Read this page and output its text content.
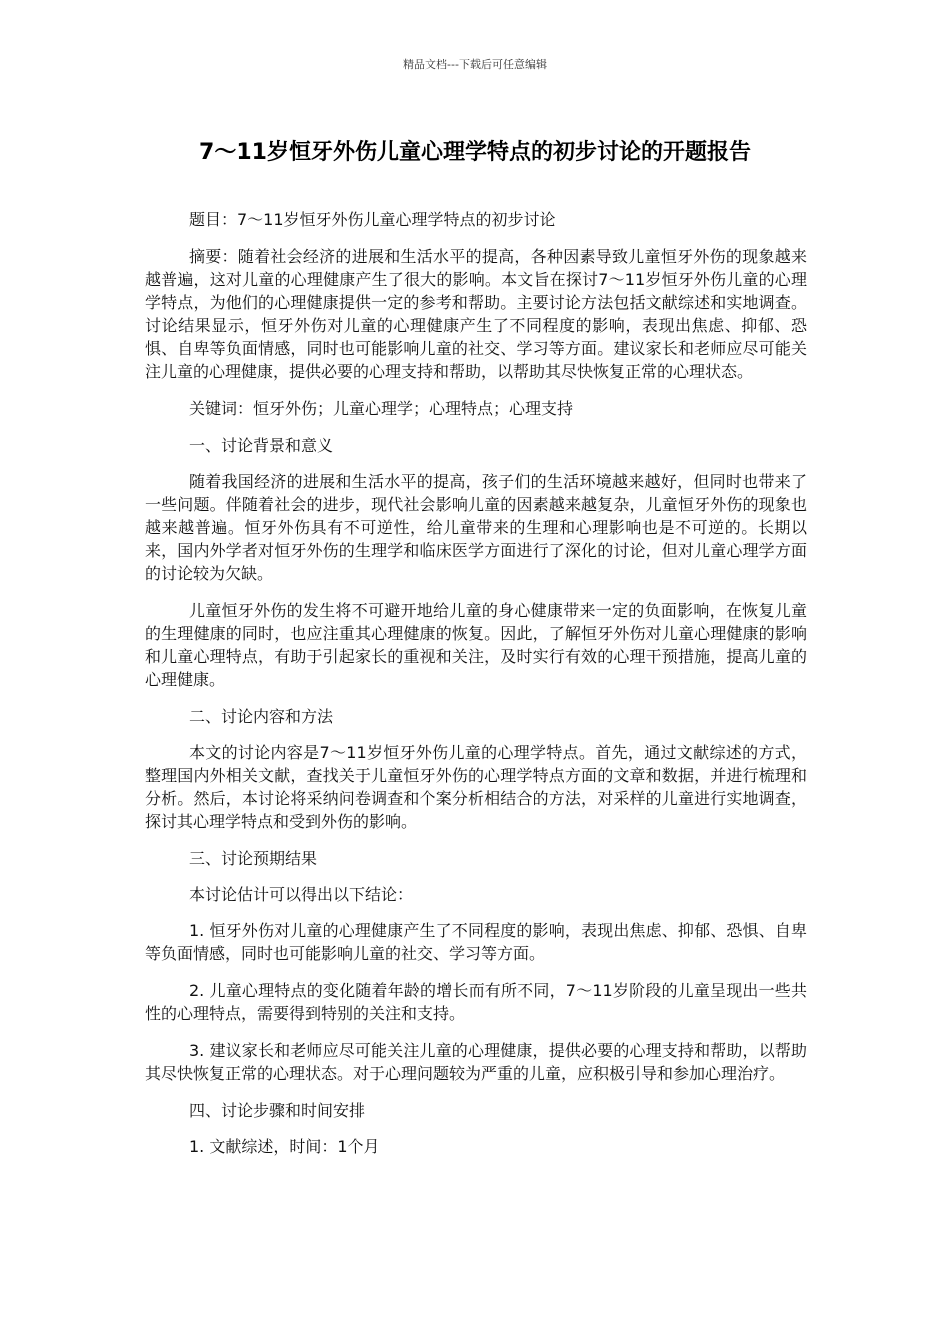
精品文档---下载后可任意编辑
7～11岁恒牙外伤儿童心理学特点的初步讨论的开题报告

题目：7～11岁恒牙外伤儿童心理学特点的初步讨论

摘要：随着社会经济的进展和生活水平的提高，各种因素导致儿童恒牙外伤的现象越来越普遍，这对儿童的心理健康产生了很大的影响。本文旨在探讨7～11岁恒牙外伤儿童的心理学特点，为他们的心理健康提供一定的参考和帮助。主要讨论方法包括文献综述和实地调查。讨论结果显示，恒牙外伤对儿童的心理健康产生了不同程度的影响，表现出焦虑、抑郁、恐惧、自卑等负面情感，同时也可能影响儿童的社交、学习等方面。建议家长和老师应尽可能关注儿童的心理健康，提供必要的心理支持和帮助，以帮助其尽快恢复正常的心理状态。

关键词：恒牙外伤；儿童心理学；心理特点；心理支持

一、讨论背景和意义

随着我国经济的进展和生活水平的提高，孩子们的生活环境越来越好，但同时也带来了一些问题。伴随着社会的进步，现代社会影响儿童的因素越来越复杂，儿童恒牙外伤的现象也越来越普遍。恒牙外伤具有不可逆性，给儿童带来的生理和心理影响也是不可逆的。长期以来，国内外学者对恒牙外伤的生理学和临床医学方面进行了深化的讨论，但对儿童心理学方面的讨论较为欠缺。

儿童恒牙外伤的发生将不可避开地给儿童的身心健康带来一定的负面影响，在恢复儿童的生理健康的同时，也应注重其心理健康的恢复。因此，了解恒牙外伤对儿童心理健康的影响和儿童心理特点，有助于引起家长的重视和关注，及时实行有效的心理干预措施，提高儿童的心理健康。

二、讨论内容和方法

本文的讨论内容是7～11岁恒牙外伤儿童的心理学特点。首先，通过文献综述的方式，整理国内外相关文献，查找关于儿童恒牙外伤的心理学特点方面的文章和数据，并进行梳理和分析。然后，本讨论将采纳问卷调查和个案分析相结合的方法，对采样的儿童进行实地调查，探讨其心理学特点和受到外伤的影响。

三、讨论预期结果

本讨论估计可以得出以下结论：

1. 恒牙外伤对儿童的心理健康产生了不同程度的影响，表现出焦虑、抑郁、恐惧、自卑等负面情感，同时也可能影响儿童的社交、学习等方面。

2. 儿童心理特点的变化随着年龄的增长而有所不同，7～11岁阶段的儿童呈现出一些共性的心理特点，需要得到特别的关注和支持。

3. 建议家长和老师应尽可能关注儿童的心理健康，提供必要的心理支持和帮助，以帮助其尽快恢复正常的心理状态。对于心理问题较为严重的儿童，应积极引导和参加心理治疗。

四、讨论步骤和时间安排

1. 文献综述，时间：1个月
